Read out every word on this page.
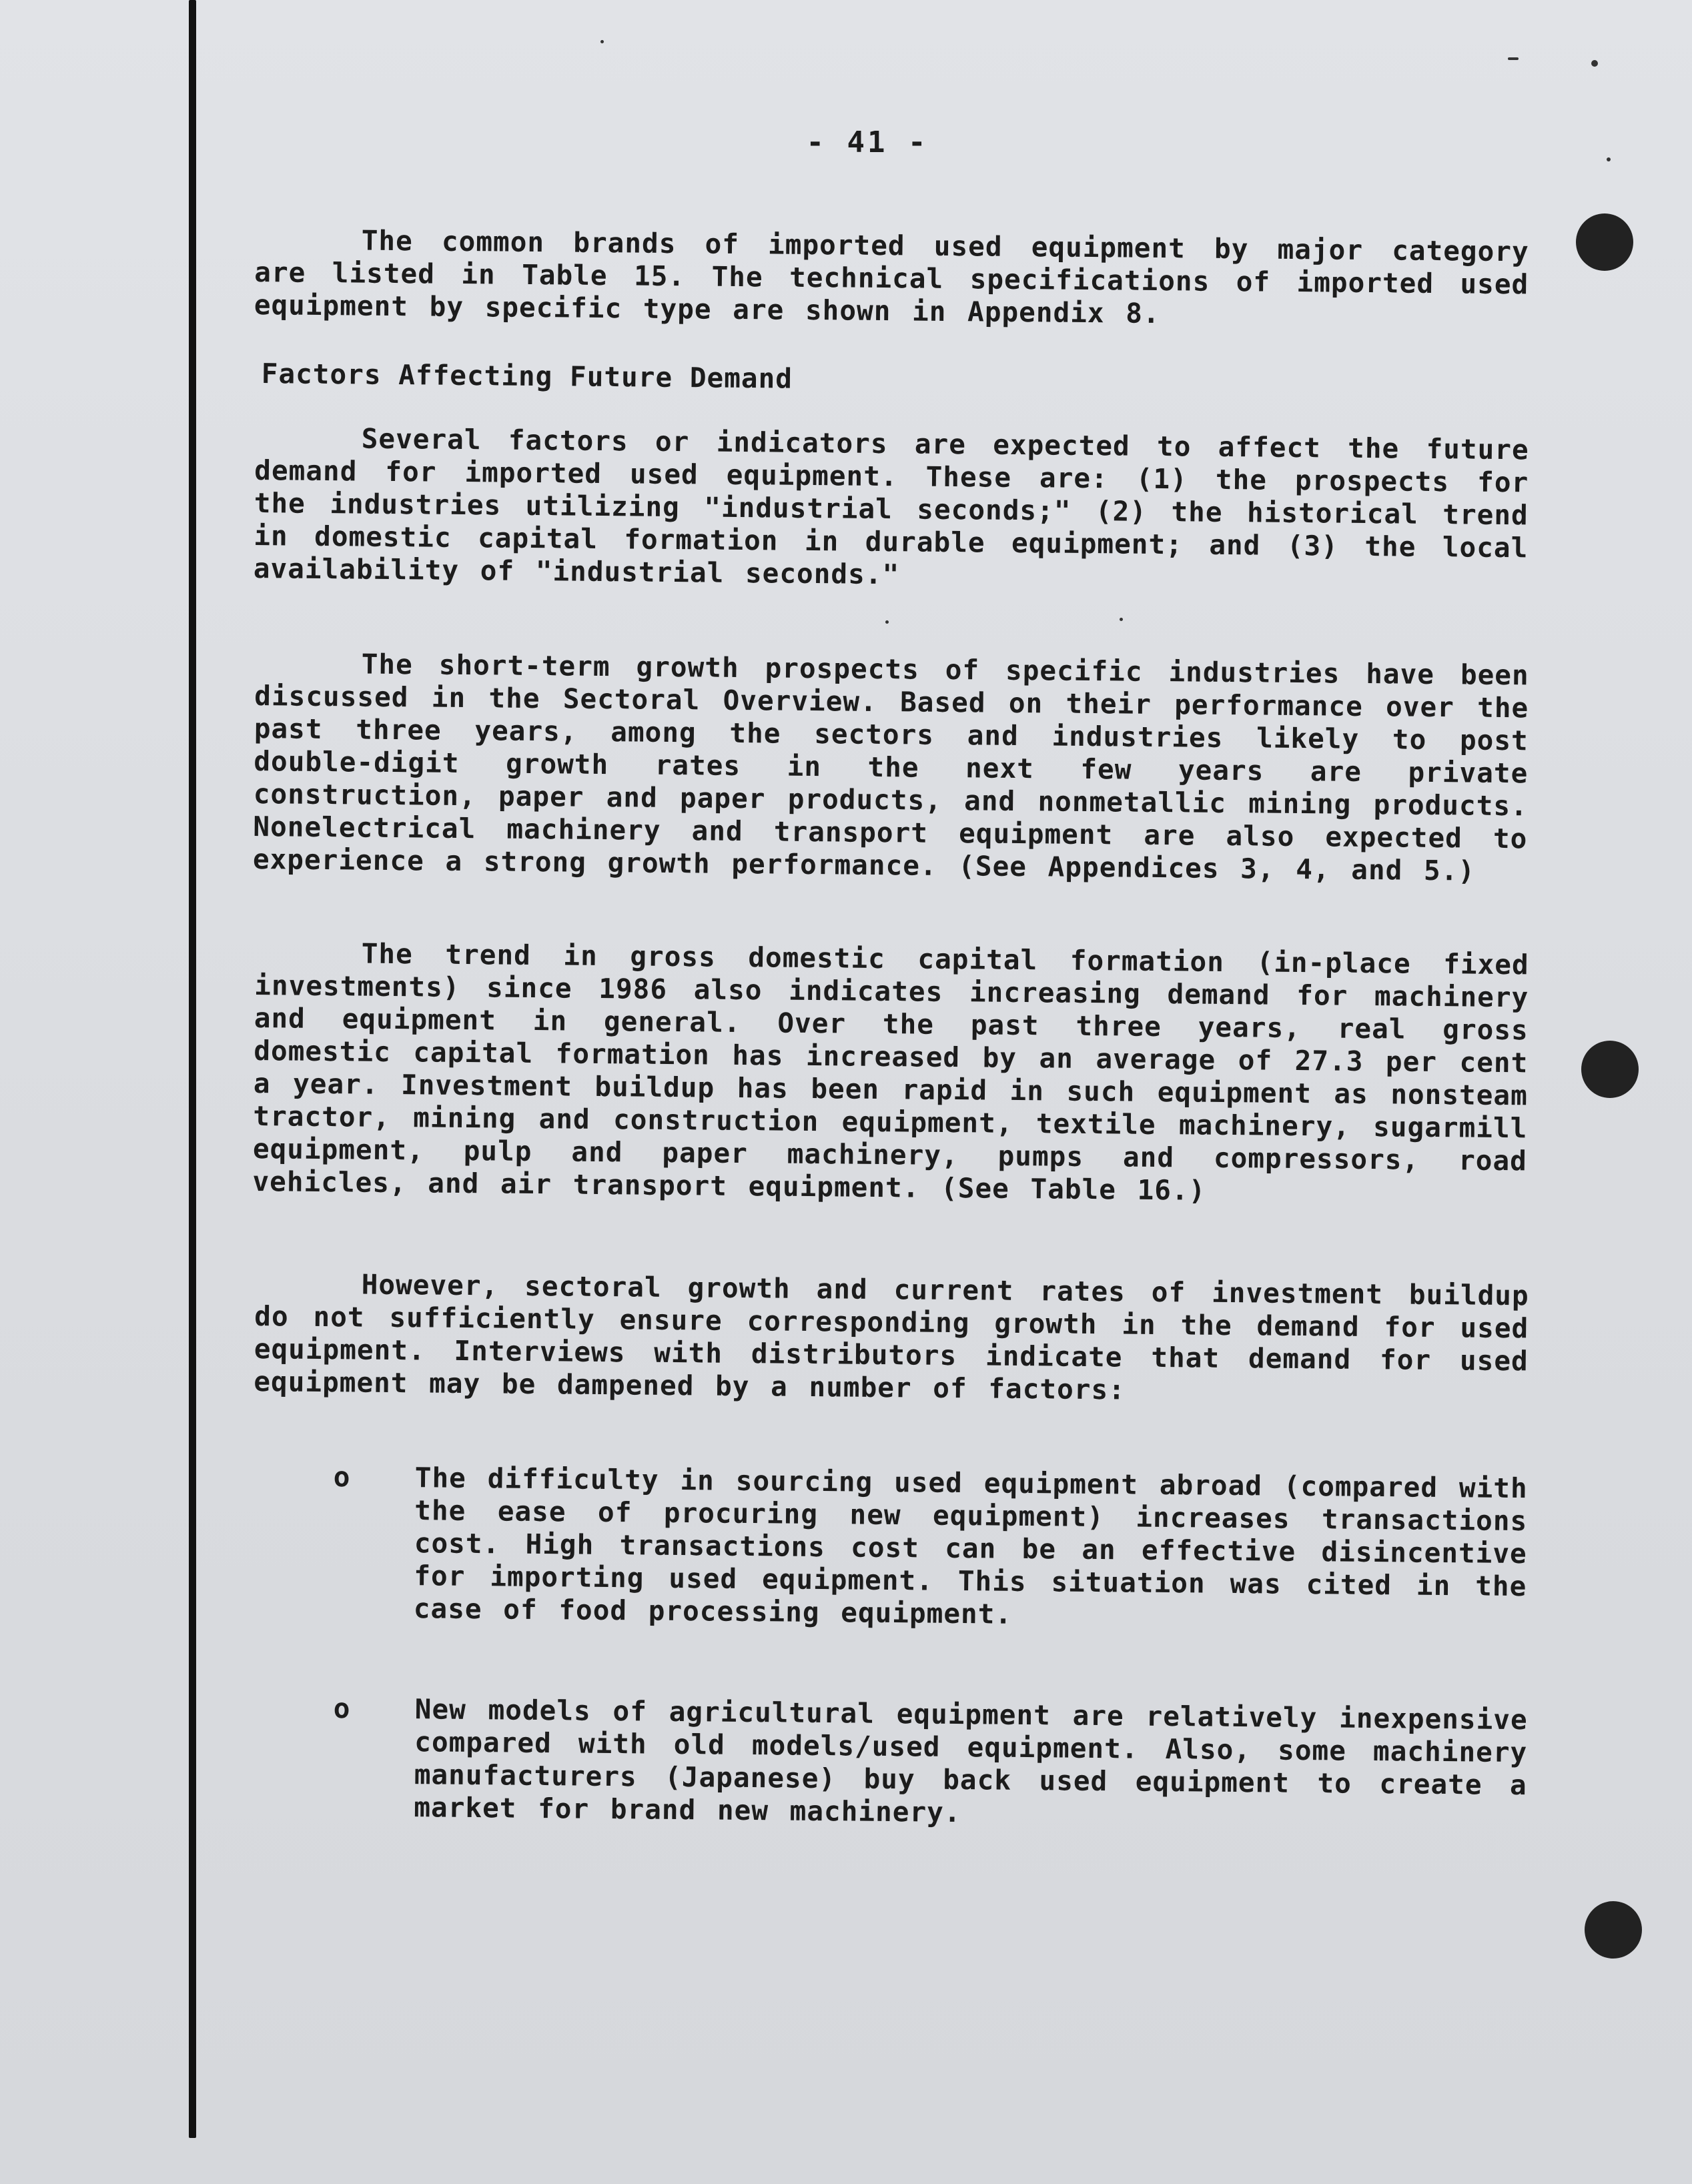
- 41 -

The common brands of imported used equipment by major category are listed in Table 15. The technical specifications of imported used equipment by specific type are shown in Appendix 8.

Factors Affecting Future Demand

Several factors or indicators are expected to affect the future demand for imported used equipment. These are: (1) the prospects for the industries utilizing "industrial seconds;" (2) the historical trend in domestic capital formation in durable equipment; and (3) the local availability of "industrial seconds."

The short-term growth prospects of specific industries have been discussed in the Sectoral Overview. Based on their performance over the past three years, among the sectors and industries likely to post double-digit growth rates in the next few years are private construction, paper and paper products, and nonmetallic mining products. Nonelectrical machinery and transport equipment are also expected to experience a strong growth performance. (See Appendices 3, 4, and 5.)

The trend in gross domestic capital formation (in-place fixed investments) since 1986 also indicates increasing demand for machinery and equipment in general. Over the past three years, real gross domestic capital formation has increased by an average of 27.3 per cent a year. Investment buildup has been rapid in such equipment as nonsteam tractor, mining and construction equipment, textile machinery, sugarmill equipment, pulp and paper machinery, pumps and compressors, road vehicles, and air transport equipment. (See Table 16.)

However, sectoral growth and current rates of investment buildup do not sufficiently ensure corresponding growth in the demand for used equipment. Interviews with distributors indicate that demand for used equipment may be dampened by a number of factors:

o The difficulty in sourcing used equipment abroad (compared with the ease of procuring new equipment) increases transactions cost. High transactions cost can be an effective disincentive for importing used equipment. This situation was cited in the case of food processing equipment.

o New models of agricultural equipment are relatively inexpensive compared with old models/used equipment. Also, some machinery manufacturers (Japanese) buy back used equipment to create a market for brand new machinery.
